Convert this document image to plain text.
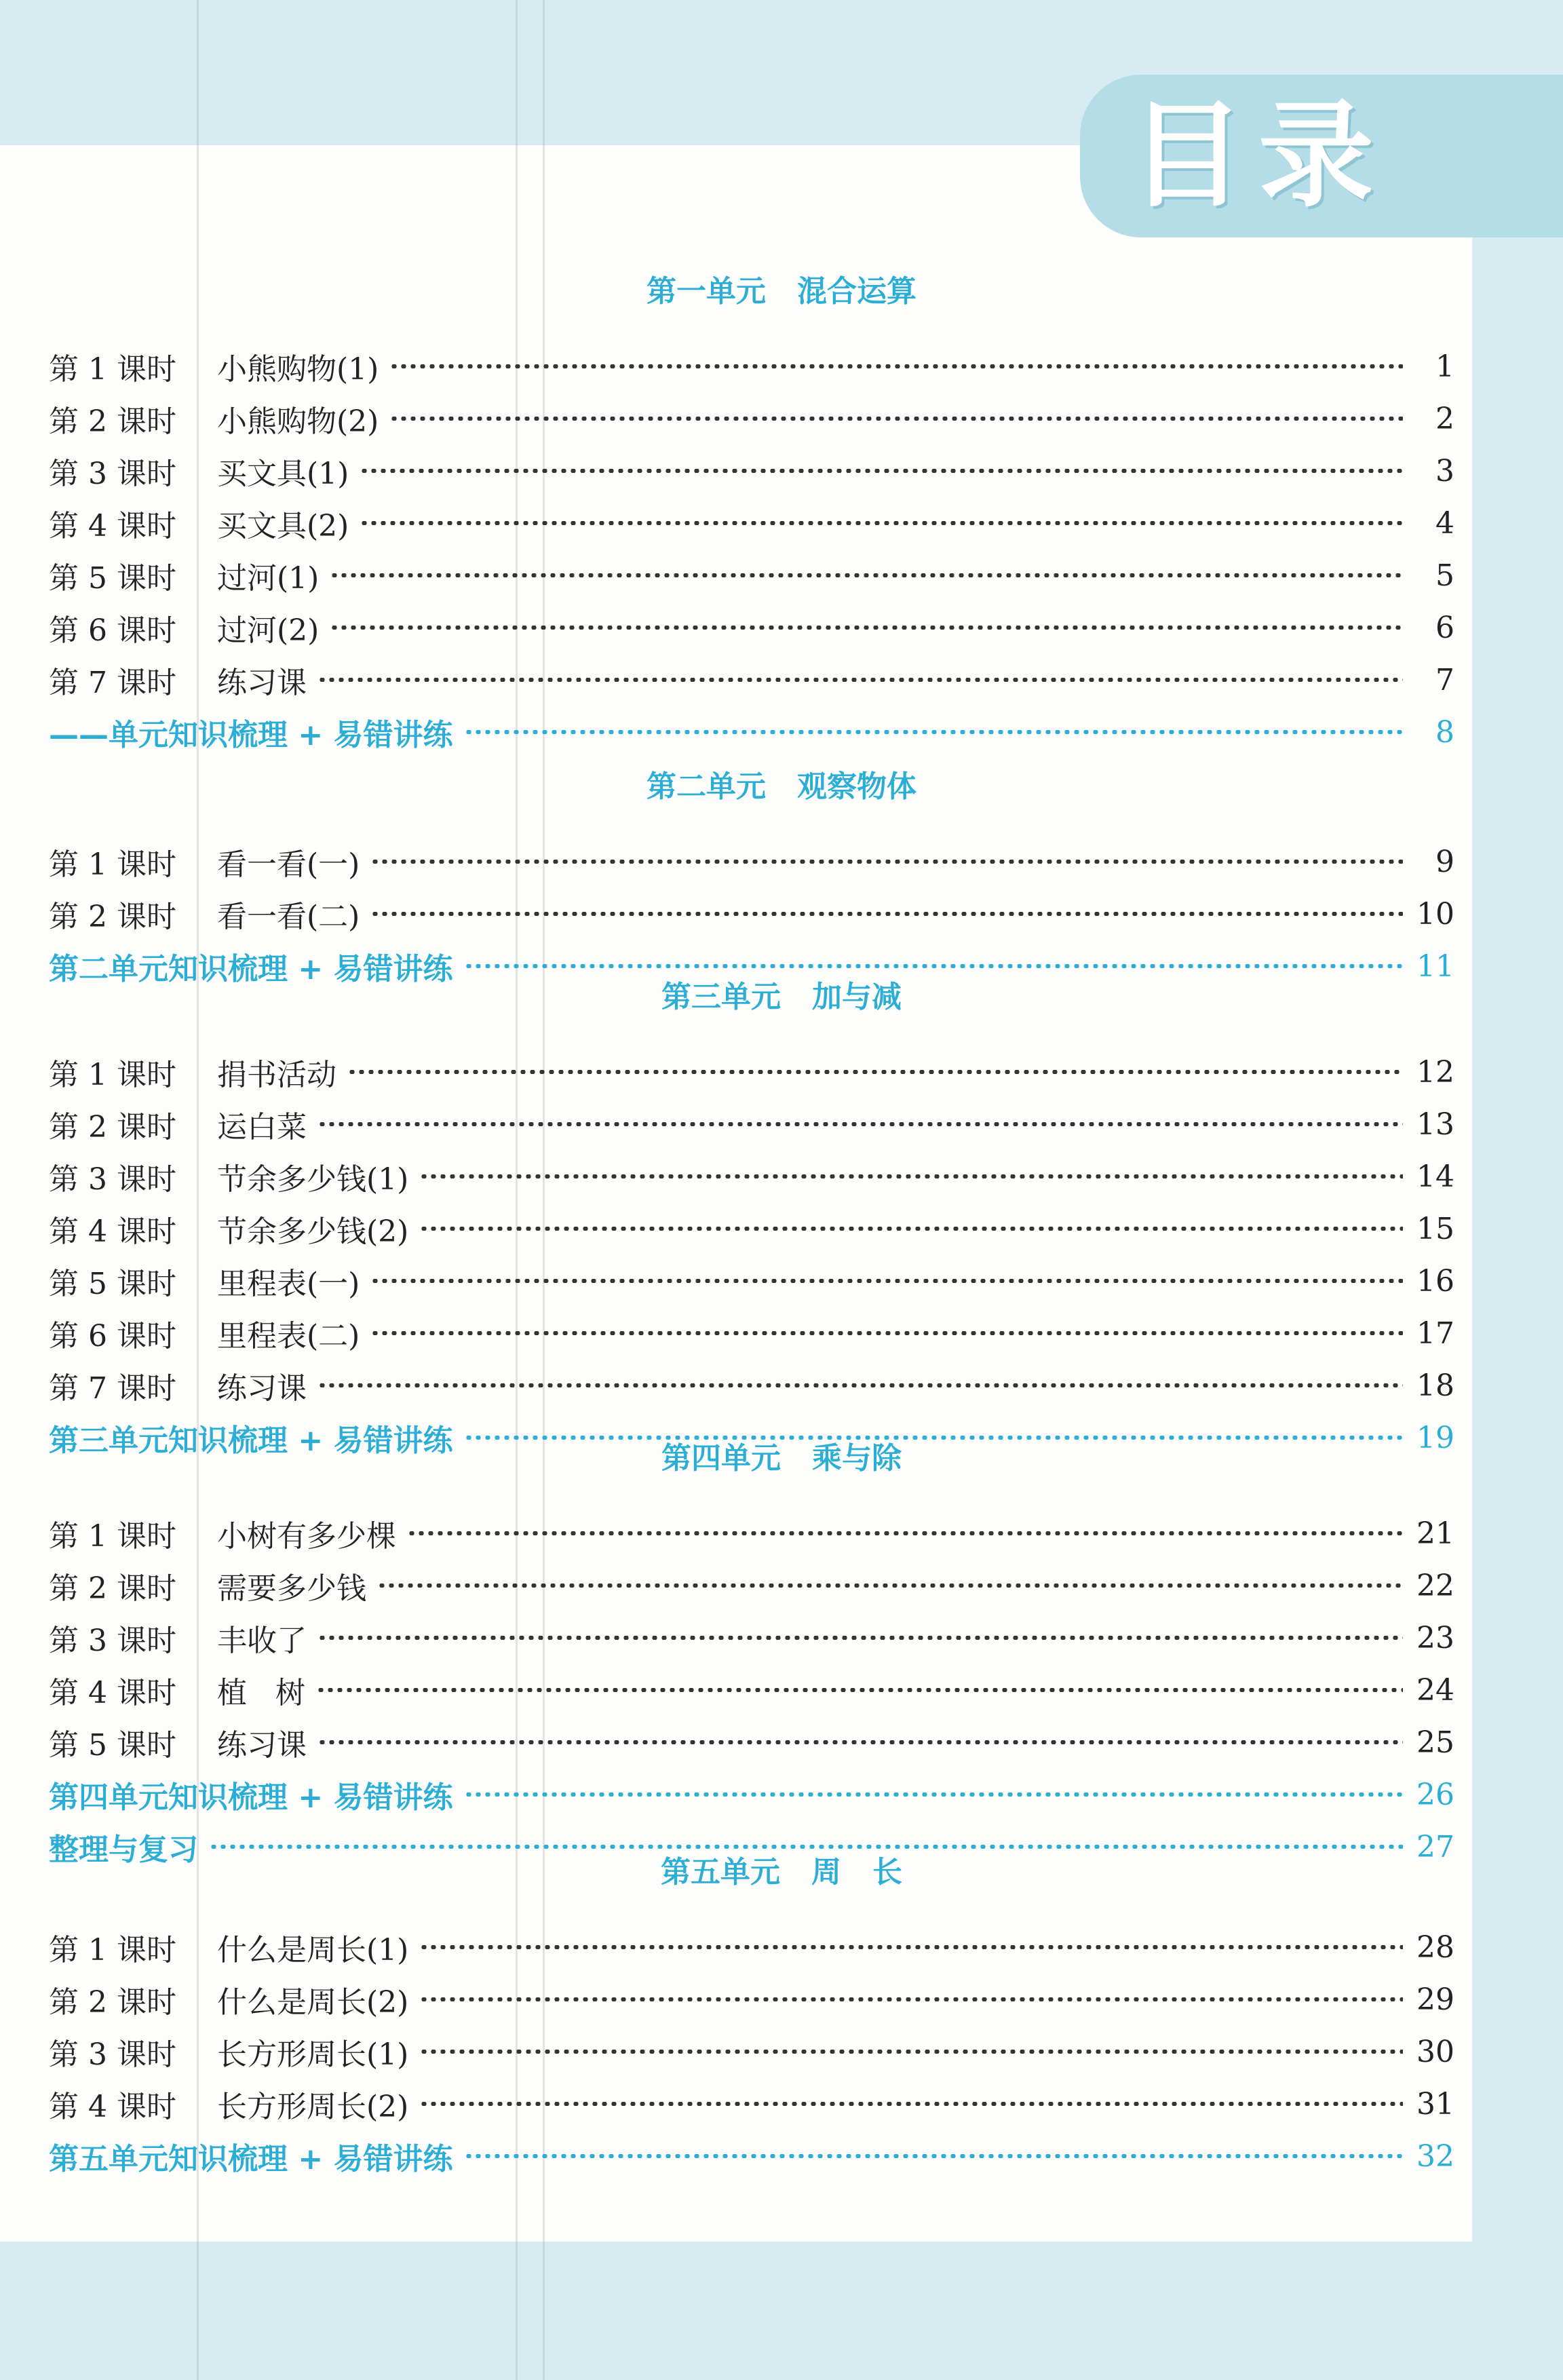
目录
第一单元   混合运算
第 1 课时 小熊购物(1)	1
第 2 课时 小熊购物(2)	2
第 3 课时 买文具(1)	3
第 4 课时 买文具(2)	4
第 5 课时 过河(1)	5
第 6 课时 过河(2)	6
第 7 课时 练习课	7
——单元知识梳理 + 易错讲练	8
第二单元   观察物体
第 1 课时 看一看(一)	9
第 2 课时 看一看(二)	10
第二单元知识梳理 + 易错讲练	11
第三单元   加与减
第 1 课时 捐书活动	12
第 2 课时 运白菜	13
第 3 课时 节余多少钱(1)	14
第 4 课时 节余多少钱(2)	15
第 5 课时 里程表(一)	16
第 6 课时 里程表(二)	17
第 7 课时 练习课	18
第三单元知识梳理 + 易错讲练	19
第四单元   乘与除
第 1 课时 小树有多少棵	21
第 2 课时 需要多少钱	22
第 3 课时 丰收了	23
第 4 课时 植   树	24
第 5 课时 练习课	25
第四单元知识梳理 + 易错讲练	26
整理与复习	27
第五单元   周   长
第 1 课时 什么是周长(1)	28
第 2 课时 什么是周长(2)	29
第 3 课时 长方形周长(1)	30
第 4 课时 长方形周长(2)	31
第五单元知识梳理 + 易错讲练	32
